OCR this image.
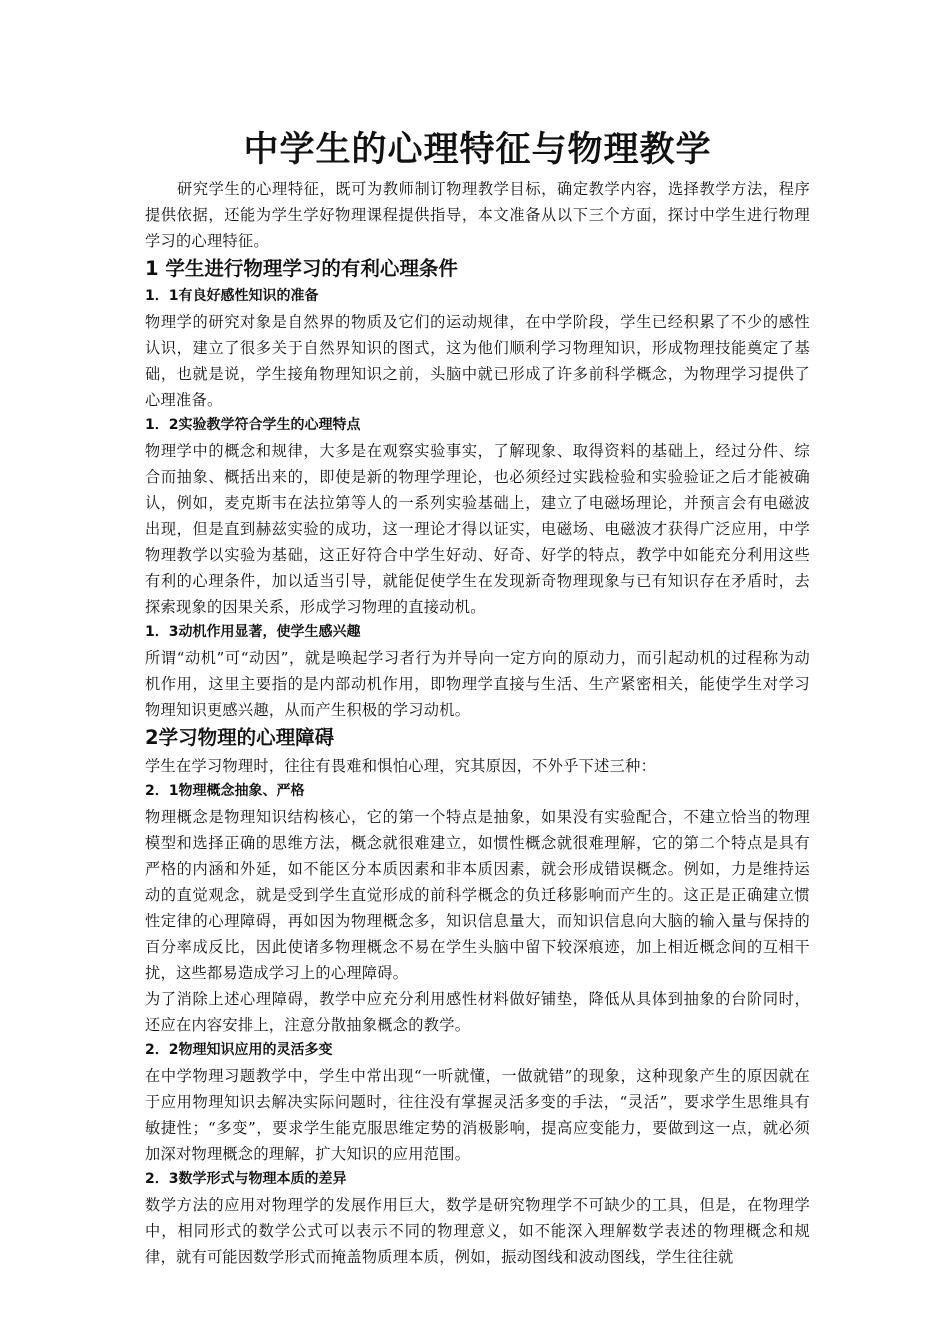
中学生的心理特征与物理教学

研究学生的心理特征，既可为教师制订物理教学目标，确定教学内容，选择教学方法，程序提供依据，还能为学生学好物理课程提供指导，本文准备从以下三个方面，探讨中学生进行物理学习的心理特征。

1 学生进行物理学习的有利心理条件
1．1有良好感性知识的准备

物理学的研究对象是自然界的物质及它们的运动规律，在中学阶段，学生已经积累了不少的感性认识，建立了很多关于自然界知识的图式，这为他们顺利学习物理知识，形成物理技能奠定了基础，也就是说，学生接角物理知识之前，头脑中就已形成了许多前科学概念，为物理学习提供了心理准备。

1．2实验教学符合学生的心理特点

物理学中的概念和规律，大多是在观察实验事实，了解现象、取得资料的基础上，经过分件、综合而抽象、概括出来的，即使是新的物理学理论，也必须经过实践检验和实验验证之后才能被确认，例如，麦克斯韦在法拉第等人的一系列实验基础上，建立了电磁场理论，并预言会有电磁波出现，但是直到赫兹实验的成功，这一理论才得以证实，电磁场、电磁波才获得广泛应用，中学物理教学以实验为基础，这正好符合中学生好动、好奇、好学的特点，教学中如能充分利用这些有利的心理条件，加以适当引导，就能促使学生在发现新奇物理现象与已有知识存在矛盾时，去探索现象的因果关系，形成学习物理的直接动机。

1．3动机作用显著，使学生感兴趣

所谓“动机”可“动因”，就是唤起学习者行为并导向一定方向的原动力，而引起动机的过程称为动机作用，这里主要指的是内部动机作用，即物理学直接与生活、生产紧密相关，能使学生对学习物理知识更感兴趣，从而产生积极的学习动机。

2学习物理的心理障碍

学生在学习物理时，往往有畏难和惧怕心理，究其原因，不外乎下述三种：

2．1物理概念抽象、严格

物理概念是物理知识结构核心，它的第一个特点是抽象，如果没有实验配合，不建立恰当的物理模型和选择正确的思维方法，概念就很难建立，如惯性概念就很难理解，它的第二个特点是具有严格的内涵和外延，如不能区分本质因素和非本质因素，就会形成错误概念。例如，力是维持运动的直觉观念，就是受到学生直觉形成的前科学概念的负迁移影响而产生的。这正是正确建立惯性定律的心理障碍，再如因为物理概念多，知识信息量大，而知识信息向大脑的输入量与保持的百分率成反比，因此使诸多物理概念不易在学生头脑中留下较深痕迹，加上相近概念间的互相干扰，这些都易造成学习上的心理障碍。

为了消除上述心理障碍，教学中应充分利用感性材料做好铺垫，降低从具体到抽象的台阶同时，还应在内容安排上，注意分散抽象概念的教学。

2．2物理知识应用的灵活多变

在中学物理习题教学中，学生中常出现“一听就懂，一做就错”的现象，这种现象产生的原因就在于应用物理知识去解决实际问题时，往往没有掌握灵活多变的手法，“灵活”，要求学生思维具有敏捷性；“多变”，要求学生能克服思维定势的消极影响，提高应变能力，要做到这一点，就必须加深对物理概念的理解，扩大知识的应用范围。

2．3数学形式与物理本质的差异

数学方法的应用对物理学的发展作用巨大，数学是研究物理学不可缺少的工具，但是，在物理学中，相同形式的数学公式可以表示不同的物理意义，如不能深入理解数学表述的物理概念和规律，就有可能因数学形式而掩盖物质理本质，例如，振动图线和波动图线，学生往往就
